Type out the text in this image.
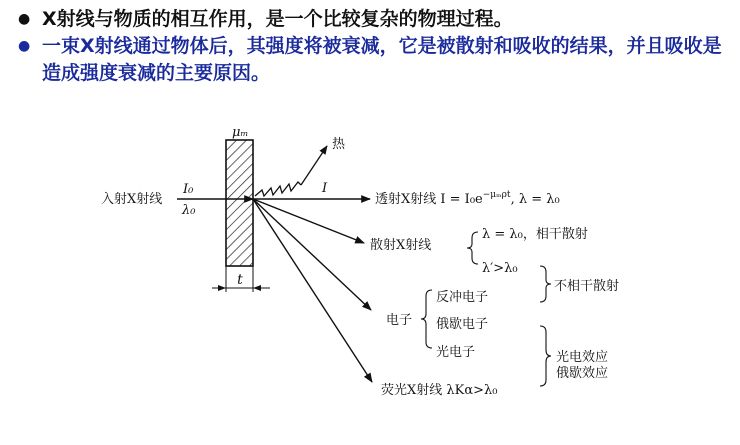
● X射线与物质的相互作用，是一个比较复杂的物理过程。
● 一束X射线通过物体后，其强度将被衰减，它是被散射和吸收的结果，并且吸收是造成强度衰减的主要原因。
t
μₘ
入射X射线
I₀
λ₀
热
I
透射X射线 $I = I_0e^{-\mu_m\rho t}$, λ = λ₀
散射X射线
λ = λ₀，相干散射
λ′>λ₀
不相干散射
电子
反冲电子
俄歇电子
光电子	光电效应
俄歇效应
荧光X射线 λKα>λ₀
